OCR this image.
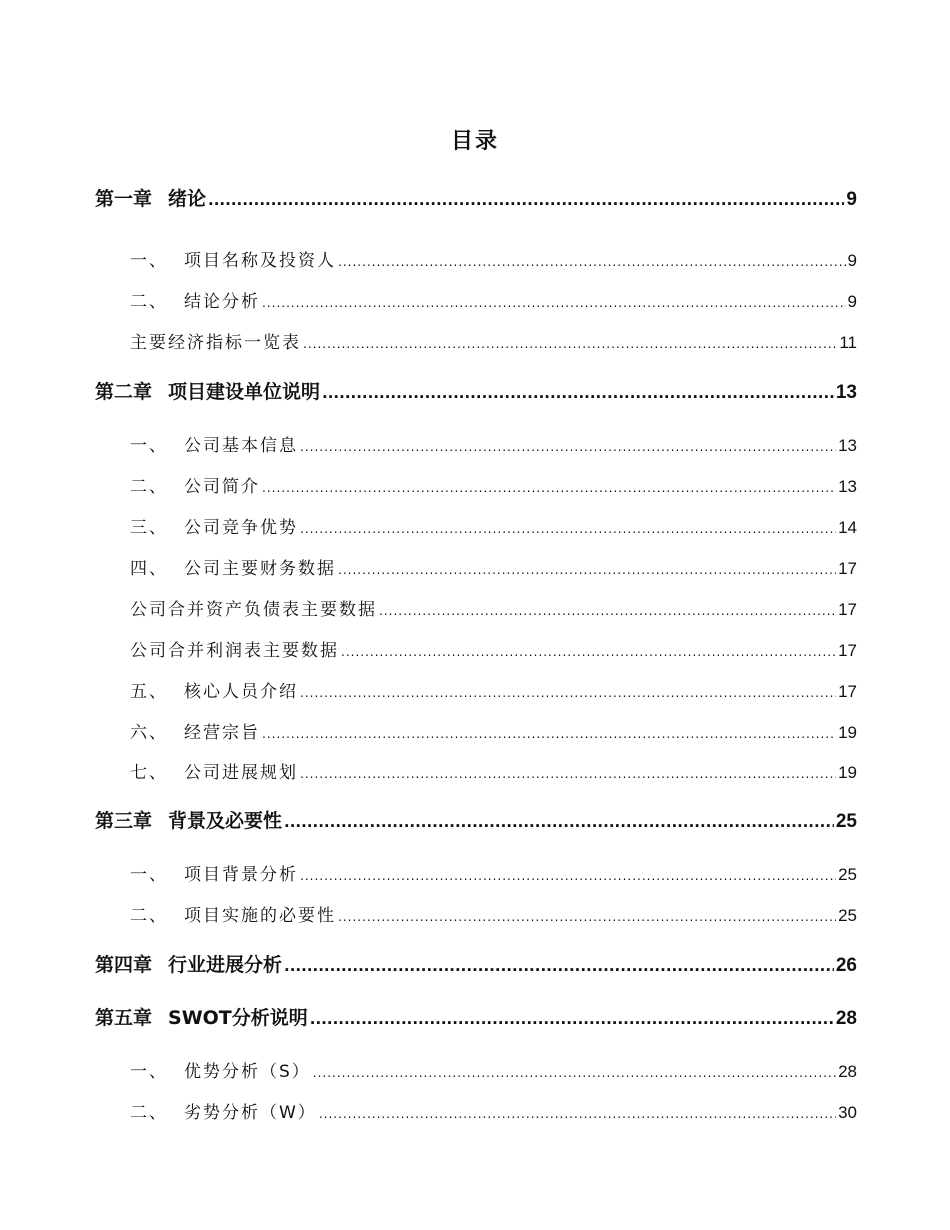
目录
第一章 绪论 .....	9
一、 项目名称及投资人 .....	9
二、 结论分析 .....	9
主要经济指标一览表 .....	11
第二章 项目建设单位说明 .....	13
一、 公司基本信息 .....	13
二、 公司简介 .....	13
三、 公司竞争优势 .....	14
四、 公司主要财务数据 .....	17
公司合并资产负债表主要数据 .....	17
公司合并利润表主要数据 .....	17
五、 核心人员介绍 .....	17
六、 经营宗旨 .....	19
七、 公司进展规划 .....	19
第三章 背景及必要性 .....	25
一、 项目背景分析 .....	25
二、 项目实施的必要性 .....	25
第四章 行业进展分析 .....	26
第五章 SWOT分析说明 .....	28
一、 优势分析（S） .....	28
二、 劣势分析（W） .....	30
